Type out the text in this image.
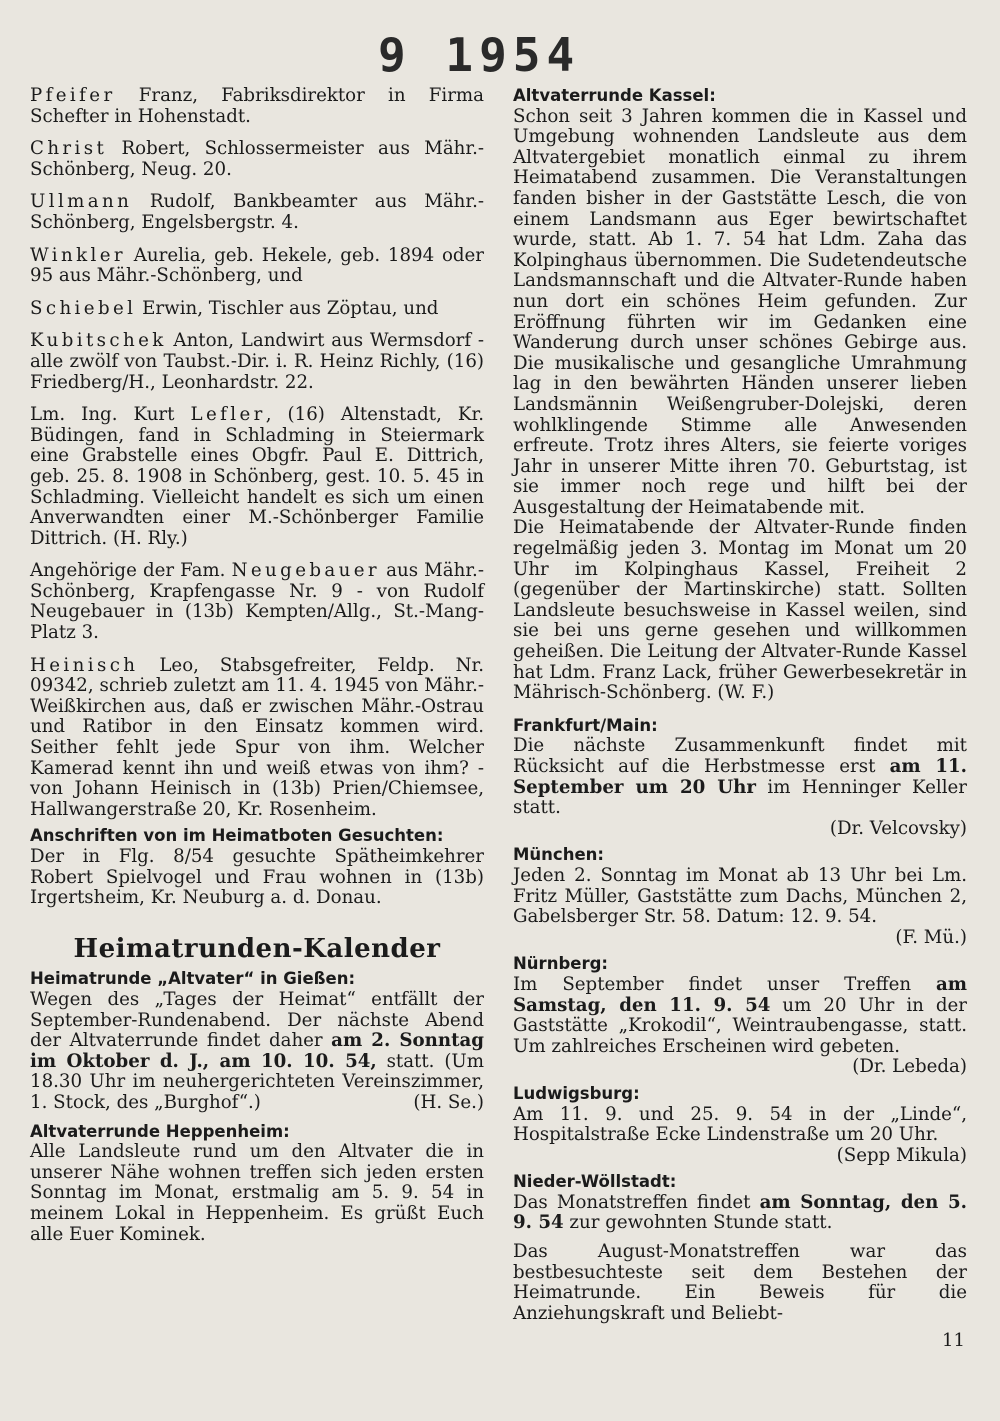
9 1954

Pfeifer Franz, Fabriksdirektor in Firma Schefter in Hohenstadt.

Christ Robert, Schlossermeister aus Mähr.-Schönberg, Neug. 20.

Ullmann Rudolf, Bankbeamter aus Mähr.-Schönberg, Engelsbergstr. 4.

Winkler Aurelia, geb. Hekele, geb. 1894 oder 95 aus Mähr.-Schönberg, und

Schiebel Erwin, Tischler aus Zöptau, und

Kubitschek Anton, Landwirt aus Wermsdorf - alle zwölf von Taubst.-Dir. i. R. Heinz Richly, (16) Friedberg/H., Leonhardstr. 22.

Lm. Ing. Kurt Lefler, (16) Altenstadt, Kr. Büdingen, fand in Schladming in Steiermark eine Grabstelle eines Obgfr. Paul E. Dittrich, geb. 25. 8. 1908 in Schönberg, gest. 10. 5. 45 in Schladming. Vielleicht handelt es sich um einen Anverwandten einer M.-Schönberger Familie Dittrich. (H. Rly.)

Angehörige der Fam. Neugebauer aus Mähr.-Schönberg, Krapfengasse Nr. 9 - von Rudolf Neugebauer in (13b) Kempten/Allg., St.-Mang-Platz 3.

Heinisch Leo, Stabsgefreiter, Feldp. Nr. 09342, schrieb zuletzt am 11. 4. 1945 von Mähr.-Weißkirchen aus, daß er zwischen Mähr.-Ostrau und Ratibor in den Einsatz kommen wird. Seither fehlt jede Spur von ihm. Welcher Kamerad kennt ihn und weiß etwas von ihm? - von Johann Heinisch in (13b) Prien/Chiemsee, Hallwangerstraße 20, Kr. Rosenheim.

Anschriften von im Heimatboten Gesuchten:

Der in Flg. 8/54 gesuchte Spätheimkehrer Robert Spielvogel und Frau wohnen in (13b) Irgertsheim, Kr. Neuburg a. d. Donau.

Heimatrunden-Kalender

Heimatrunde „Altvater“ in Gießen:

Wegen des „Tages der Heimat“ entfällt der September-Rundenabend. Der nächste Abend der Altvaterrunde findet daher am 2. Sonntag im Oktober d. J., am 10. 10. 54, statt. (Um 18.30 Uhr im neuhergerichteten Vereinszimmer, 1. Stock, des „Burghof“.)	(H. Se.)

Altvaterrunde Heppenheim:

Alle Landsleute rund um den Altvater die in unserer Nähe wohnen treffen sich jeden ersten Sonntag im Monat, erstmalig am 5. 9. 54 in meinem Lokal in Heppenheim. Es grüßt Euch alle Euer Kominek.

Altvaterrunde Kassel:

Schon seit 3 Jahren kommen die in Kassel und Umgebung wohnenden Landsleute aus dem Altvatergebiet monatlich einmal zu ihrem Heimatabend zusammen. Die Veranstaltungen fanden bisher in der Gaststätte Lesch, die von einem Landsmann aus Eger bewirtschaftet wurde, statt. Ab 1. 7. 54 hat Ldm. Zaha das Kolpinghaus übernommen. Die Sudetendeutsche Landsmannschaft und die Altvater-Runde haben nun dort ein schönes Heim gefunden. Zur Eröffnung führten wir im Gedanken eine Wanderung durch unser schönes Gebirge aus. Die musikalische und gesangliche Umrahmung lag in den bewährten Händen unserer lieben Landsmännin Weißengruber-Dolejski, deren wohlklingende Stimme alle Anwesenden erfreute. Trotz ihres Alters, sie feierte voriges Jahr in unserer Mitte ihren 70. Geburtstag, ist sie immer noch rege und hilft bei der Ausgestaltung der Heimatabende mit.

Die Heimatabende der Altvater-Runde finden regelmäßig jeden 3. Montag im Monat um 20 Uhr im Kolpinghaus Kassel, Freiheit 2 (gegenüber der Martinskirche) statt. Sollten Landsleute besuchsweise in Kassel weilen, sind sie bei uns gerne gesehen und willkommen geheißen. Die Leitung der Altvater-Runde Kassel hat Ldm. Franz Lack, früher Gewerbesekretär in Mährisch-Schönberg. (W. F.)

Frankfurt/Main:

Die nächste Zusammenkunft findet mit Rücksicht auf die Herbstmesse erst am 11. September um 20 Uhr im Henninger Keller statt.

(Dr. Velcovsky)

München:

Jeden 2. Sonntag im Monat ab 13 Uhr bei Lm. Fritz Müller, Gaststätte zum Dachs, München 2, Gabelsberger Str. 58. Datum: 12. 9. 54.

(F. Mü.)

Nürnberg:

Im September findet unser Treffen am Samstag, den 11. 9. 54 um 20 Uhr in der Gaststätte „Krokodil“, Weintraubengasse, statt. Um zahlreiches Erscheinen wird gebeten.

(Dr. Lebeda)

Ludwigsburg:

Am 11. 9. und 25. 9. 54 in der „Linde“, Hospitalstraße Ecke Lindenstraße um 20 Uhr.

(Sepp Mikula)

Nieder-Wöllstadt:

Das Monatstreffen findet am Sonntag, den 5. 9. 54 zur gewohnten Stunde statt.

Das August-Monatstreffen war das bestbesuchteste seit dem Bestehen der Heimatrunde. Ein Beweis für die Anziehungskraft und Beliebt-

11
